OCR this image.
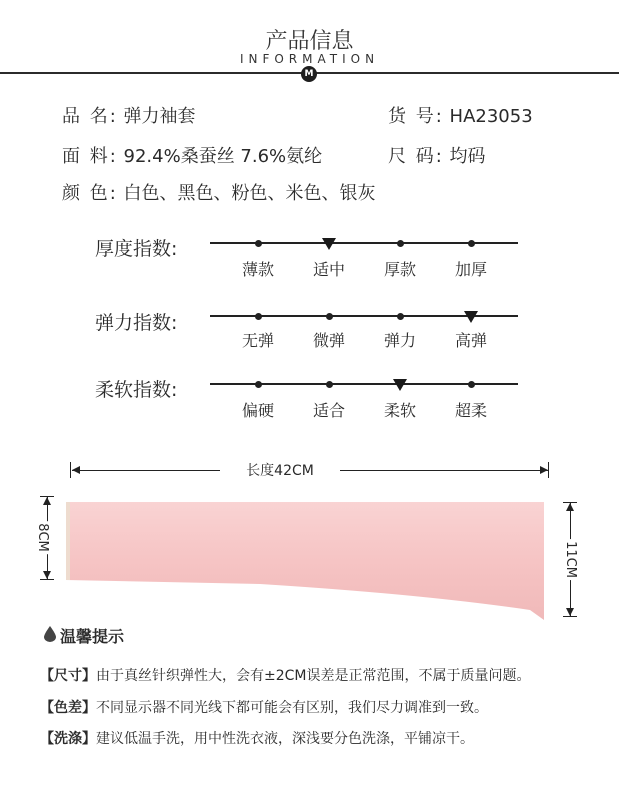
产品信息
INFORMATION
M
品 名: 弹力袖套	货 号: HA23053
面 料: 92.4%桑蚕丝 7.6%氨纶	尺 码: 均码
颜 色: 白色、黑色、粉色、米色、银灰
厚度指数:
薄款	适中	厚款	加厚
弹力指数:
无弹	微弹	弹力	高弹
柔软指数:
偏硬	适合	柔软	超柔
长度42CM
8CM
11CM
温馨提示
【尺寸】由于真丝针织弹性大，会有±2CM误差是正常范围，不属于质量问题。
【色差】不同显示器不同光线下都可能会有区别，我们尽力调准到一致。
【洗涤】建议低温手洗，用中性洗衣液，深浅要分色洗涤，平铺凉干。
